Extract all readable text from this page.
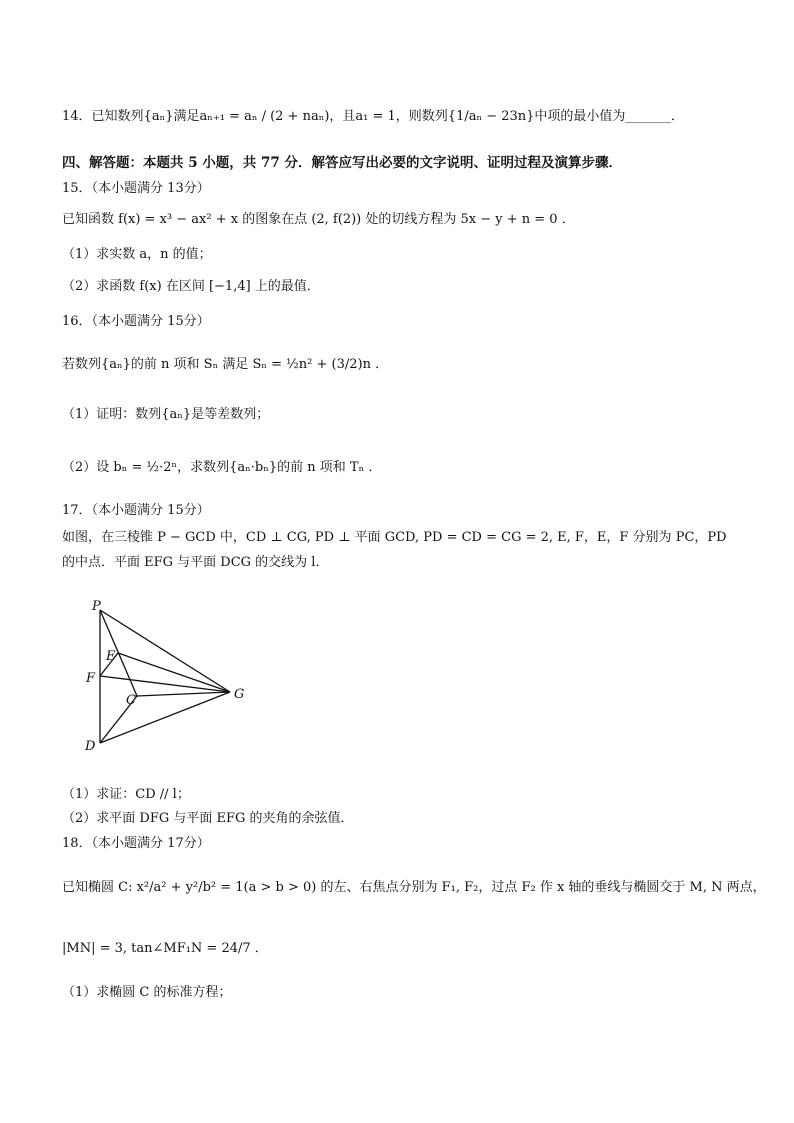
14．已知数列{aₙ}满足aₙ₊₁ = aₙ / (2 + naₙ)，且a₁ = 1，则数列{1/aₙ − 23n}中项的最小值为_______．
四、解答题：本题共 5 小题，共 77 分．解答应写出必要的文字说明、证明过程及演算步骤．
15．（本小题满分 13分）
已知函数 f(x) = x³ − ax² + x 的图象在点 (2, f(2)) 处的切线方程为 5x − y + n = 0 ．
（1）求实数 a，n 的值；
（2）求函数 f(x) 在区间 [−1,4] 上的最值．
16．（本小题满分 15分）
若数列{aₙ}的前 n 项和 Sₙ 满足 Sₙ = ½n² + (3/2)n ．
（1）证明：数列{aₙ}是等差数列；
（2）设 bₙ = ½·2ⁿ，求数列{aₙ·bₙ}的前 n 项和 Tₙ ．
17．（本小题满分 15分）
如图，在三棱锥 P − GCD 中，CD ⊥ CG, PD ⊥ 平面 GCD, PD = CD = CG = 2, E, F，E，F 分别为 PC，PD
的中点．平面 EFG 与平面 DCG 的交线为 l．
P
E
F
C	G
D
（1）求证：CD // l；
（2）求平面 DFG 与平面 EFG 的夹角的余弦值．
18．（本小题满分 17分）
已知椭圆 C: x²/a² + y²/b² = 1(a > b > 0) 的左、右焦点分别为 F₁, F₂，过点 F₂ 作 x 轴的垂线与椭圆交于 M, N 两点，
|MN| = 3, tan∠MF₁N = 24/7 ．
（1）求椭圆 C 的标准方程；
